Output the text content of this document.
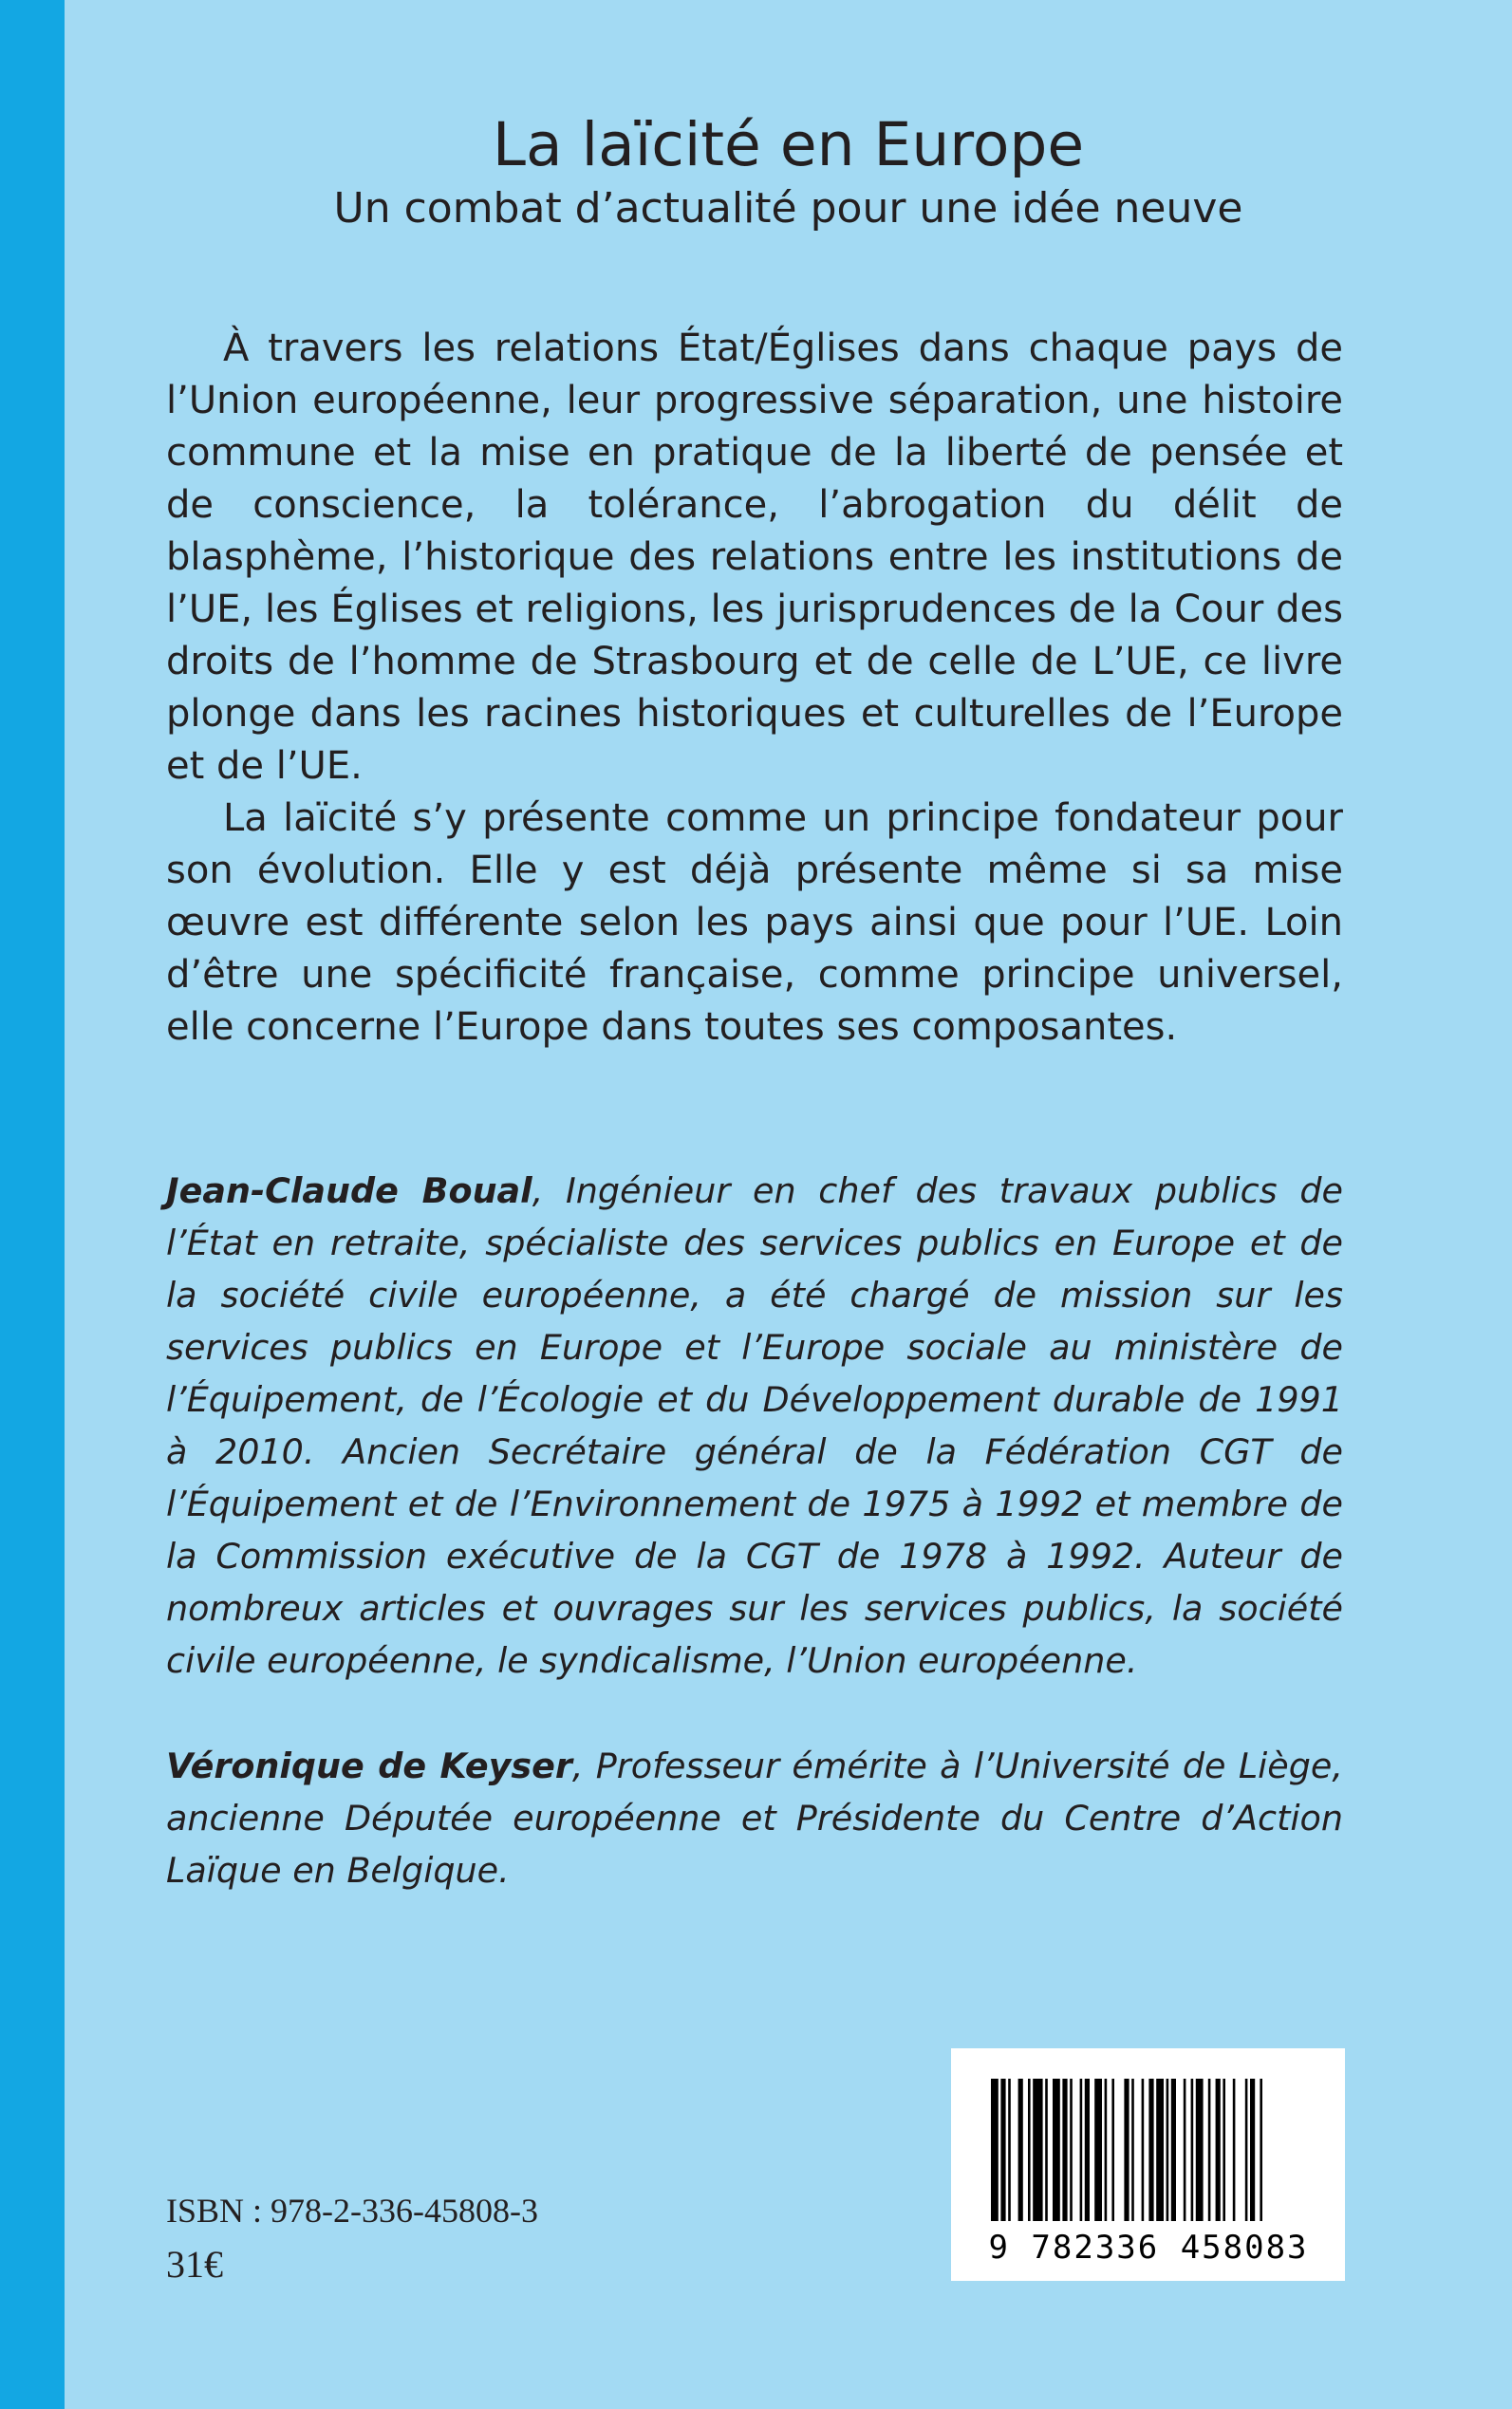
La laïcité en Europe
Un combat d’actualité pour une idée neuve

À travers les relations État/Églises dans chaque pays de l’Union européenne, leur progressive séparation, une histoire commune et la mise en pratique de la liberté de pensée et de conscience, la tolérance, l’abrogation du délit de blasphème, l’historique des relations entre les institutions de l’UE, les Églises et religions, les jurisprudences de la Cour des droits de l’homme de Strasbourg et de celle de L’UE, ce livre plonge dans les racines historiques et culturelles de l’Europe et de l’UE.

La laïcité s’y présente comme un principe fondateur pour son évolution. Elle y est déjà présente même si sa mise œuvre est différente selon les pays ainsi que pour l’UE. Loin d’être une spécificité française, comme principe universel, elle concerne l’Europe dans toutes ses composantes.

Jean-Claude Boual, Ingénieur en chef des travaux publics de l’État en retraite, spécialiste des services publics en Europe et de la société civile européenne, a été chargé de mission sur les services publics en Europe et l’Europe sociale au ministère de l’Équipement, de l’Écologie et du Développement durable de 1991 à 2010. Ancien Secrétaire général de la Fédération CGT de l’Équipement et de l’Environnement de 1975 à 1992 et membre de la Commission exécutive de la CGT de 1978 à 1992. Auteur de nombreux articles et ouvrages sur les services publics, la société civile européenne, le syndicalisme, l’Union européenne.
Véronique de Keyser, Professeur émérite à l’Université de Liège, ancienne Députée européenne et Présidente du Centre d’Action Laïque en Belgique.
ISBN : 978-2-336-45808-3
31€	9 782336 458083
